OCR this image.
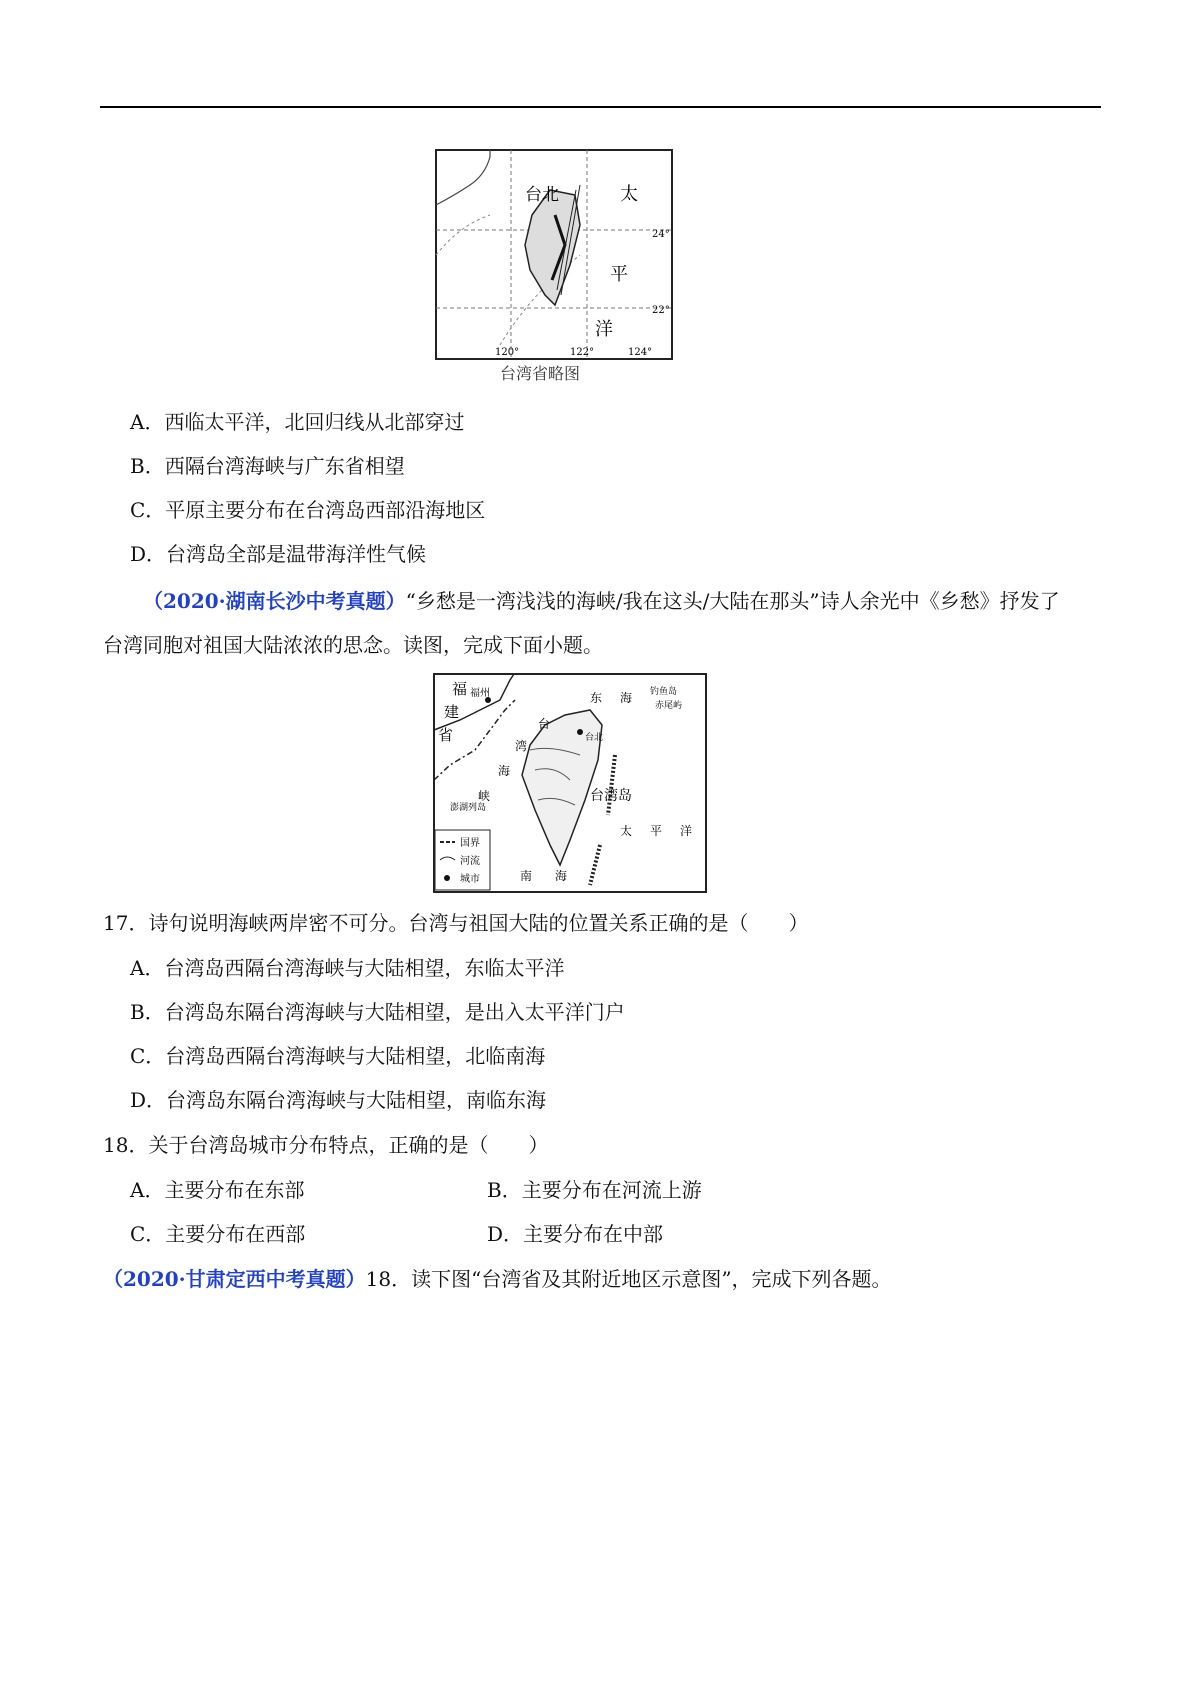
台北	太
平
洋
24°
22°
120°	122°	124°
台湾省略图
A．西临太平洋，北回归线从北部穿过
B．西隔台湾海峡与广东省相望
C．平原主要分布在台湾岛西部沿海地区
D．台湾岛全部是温带海洋性气候
（2020·湖南长沙中考真题）“乡愁是一湾浅浅的海峡/我在这头/大陆在那头”诗人余光中《乡愁》抒发了
台湾同胞对祖国大陆浓浓的思念。读图，完成下面小题。
福 福州
建
省
东 海 钓鱼岛
赤尾屿
台
湾
海
峡
澎湖列岛
台北
台湾岛
太 平 洋
南 海
国界
河流
城市
17．诗句说明海峡两岸密不可分。台湾与祖国大陆的位置关系正确的是（　　）
A．台湾岛西隔台湾海峡与大陆相望，东临太平洋
B．台湾岛东隔台湾海峡与大陆相望，是出入太平洋门户
C．台湾岛西隔台湾海峡与大陆相望，北临南海
D．台湾岛东隔台湾海峡与大陆相望，南临东海
18．关于台湾岛城市分布特点，正确的是（　　）
A．主要分布在东部	B．主要分布在河流上游
C．主要分布在西部	D．主要分布在中部
（2020·甘肃定西中考真题）18．读下图“台湾省及其附近地区示意图”，完成下列各题。
